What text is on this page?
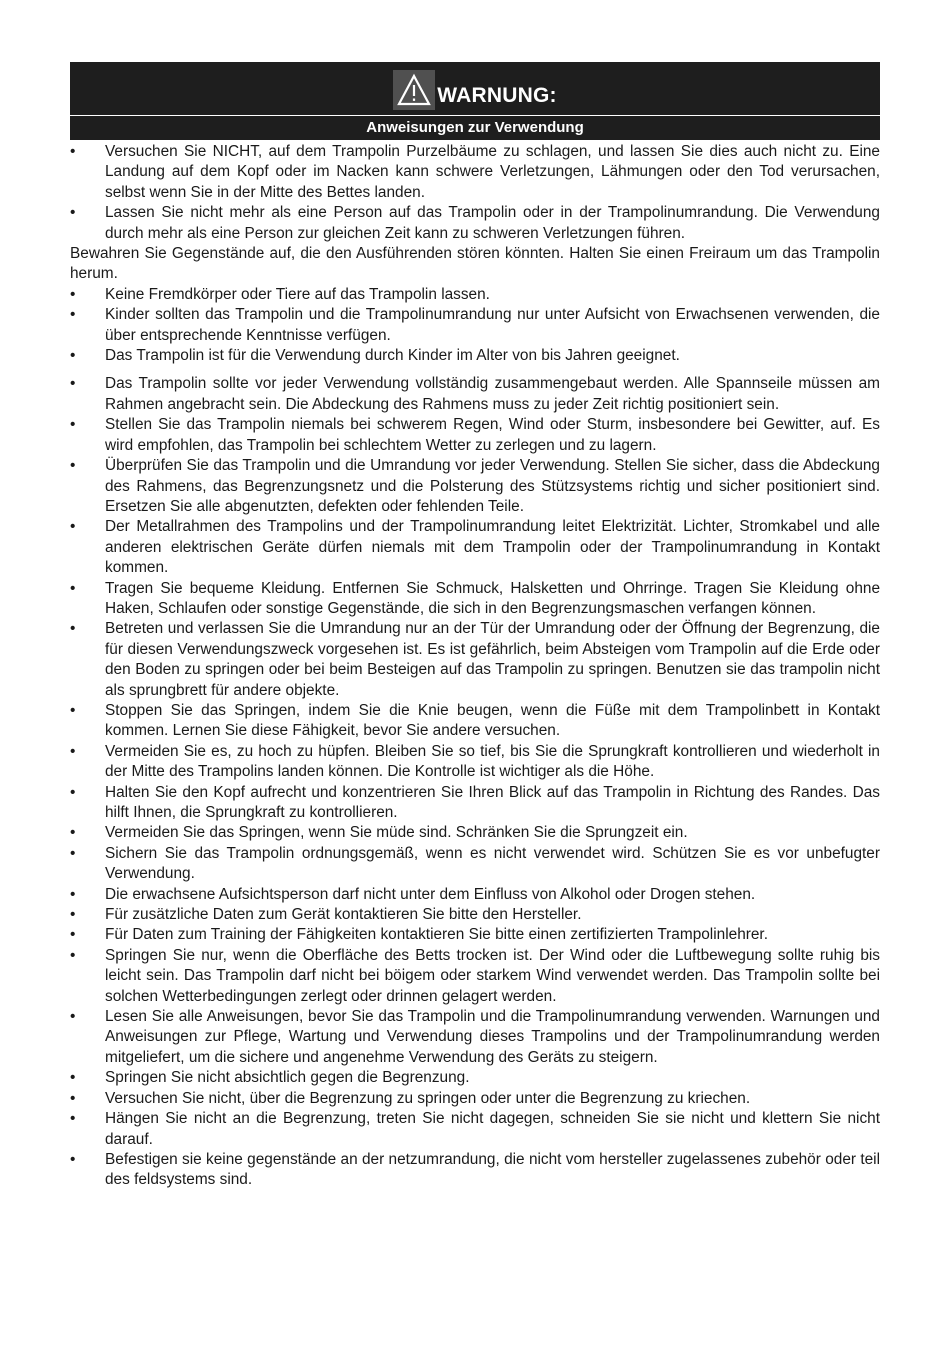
WARNUNG:
Anweisungen zur Verwendung
• Versuchen Sie NICHT, auf dem Trampolin Purzelbäume zu schlagen, und lassen Sie dies auch nicht zu. Eine Landung auf dem Kopf oder im Nacken kann schwere Verletzungen, Lähmungen oder den Tod verursachen, selbst wenn Sie in der Mitte des Bettes landen.
• Lassen Sie nicht mehr als eine Person auf das Trampolin oder in der Trampolinumrandung. Die Verwendung durch mehr als eine Person zur gleichen Zeit kann zu schweren Verletzungen führen.
Bewahren Sie Gegenstände auf, die den Ausführenden stören könnten. Halten Sie einen Freiraum um das Trampolin herum.
• Keine Fremdkörper oder Tiere auf das Trampolin lassen.
• Kinder sollten das Trampolin und die Trampolinumrandung nur unter Aufsicht von Erwachsenen verwenden, die über entsprechende Kenntnisse verfügen.
• Das Trampolin ist für die Verwendung durch Kinder im Alter von bis Jahren geeignet.
• Das Trampolin sollte vor jeder Verwendung vollständig zusammengebaut werden. Alle Spannseile müssen am Rahmen angebracht sein. Die Abdeckung des Rahmens muss zu jeder Zeit richtig positioniert sein.
• Stellen Sie das Trampolin niemals bei schwerem Regen, Wind oder Sturm, insbesondere bei Gewitter, auf. Es wird empfohlen, das Trampolin bei schlechtem Wetter zu zerlegen und zu lagern.
• Überprüfen Sie das Trampolin und die Umrandung vor jeder Verwendung. Stellen Sie sicher, dass die Abdeckung des Rahmens, das Begrenzungsnetz und die Polsterung des Stützsystems richtig und sicher positioniert sind. Ersetzen Sie alle abgenutzten, defekten oder fehlenden Teile.
• Der Metallrahmen des Trampolins und der Trampolinumrandung leitet Elektrizität. Lichter, Stromkabel und alle anderen elektrischen Geräte dürfen niemals mit dem Trampolin oder der Trampolinumrandung in Kontakt kommen.
• Tragen Sie bequeme Kleidung. Entfernen Sie Schmuck, Halsketten und Ohrringe. Tragen Sie Kleidung ohne Haken, Schlaufen oder sonstige Gegenstände, die sich in den Begrenzungsmaschen verfangen können.
• Betreten und verlassen Sie die Umrandung nur an der Tür der Umrandung oder der Öffnung der Begrenzung, die für diesen Verwendungszweck vorgesehen ist. Es ist gefährlich, beim Absteigen vom Trampolin auf die Erde oder den Boden zu springen oder bei beim Besteigen auf das Trampolin zu springen. Benutzen sie das trampolin nicht als sprungbrett für andere objekte.
• Stoppen Sie das Springen, indem Sie die Knie beugen, wenn die Füße mit dem Trampolinbett in Kontakt kommen. Lernen Sie diese Fähigkeit, bevor Sie andere versuchen.
• Vermeiden Sie es, zu hoch zu hüpfen. Bleiben Sie so tief, bis Sie die Sprungkraft kontrollieren und wiederholt in der Mitte des Trampolins landen können. Die Kontrolle ist wichtiger als die Höhe.
• Halten Sie den Kopf aufrecht und konzentrieren Sie Ihren Blick auf das Trampolin in Richtung des Randes. Das hilft Ihnen, die Sprungkraft zu kontrollieren.
• Vermeiden Sie das Springen, wenn Sie müde sind. Schränken Sie die Sprungzeit ein.
• Sichern Sie das Trampolin ordnungsgemäß, wenn es nicht verwendet wird. Schützen Sie es vor unbefugter Verwendung.
• Die erwachsene Aufsichtsperson darf nicht unter dem Einfluss von Alkohol oder Drogen stehen.
• Für zusätzliche Daten zum Gerät kontaktieren Sie bitte den Hersteller.
• Für Daten zum Training der Fähigkeiten kontaktieren Sie bitte einen zertifizierten Trampolinlehrer.
• Springen Sie nur, wenn die Oberfläche des Betts trocken ist. Der Wind oder die Luftbewegung sollte ruhig bis leicht sein. Das Trampolin darf nicht bei böigem oder starkem Wind verwendet werden. Das Trampolin sollte bei solchen Wetterbedingungen zerlegt oder drinnen gelagert werden.
• Lesen Sie alle Anweisungen, bevor Sie das Trampolin und die Trampolinumrandung verwenden. Warnungen und Anweisungen zur Pflege, Wartung und Verwendung dieses Trampolins und der Trampolinumrandung werden mitgeliefert, um die sichere und angenehme Verwendung des Geräts zu steigern.
• Springen Sie nicht absichtlich gegen die Begrenzung.
• Versuchen Sie nicht, über die Begrenzung zu springen oder unter die Begrenzung zu kriechen.
• Hängen Sie nicht an die Begrenzung, treten Sie nicht dagegen, schneiden Sie sie nicht und klettern Sie nicht darauf.
• Befestigen sie keine gegenstände an der netzumrandung, die nicht vom hersteller zugelassenes zubehör oder teil des feldsystems sind.
